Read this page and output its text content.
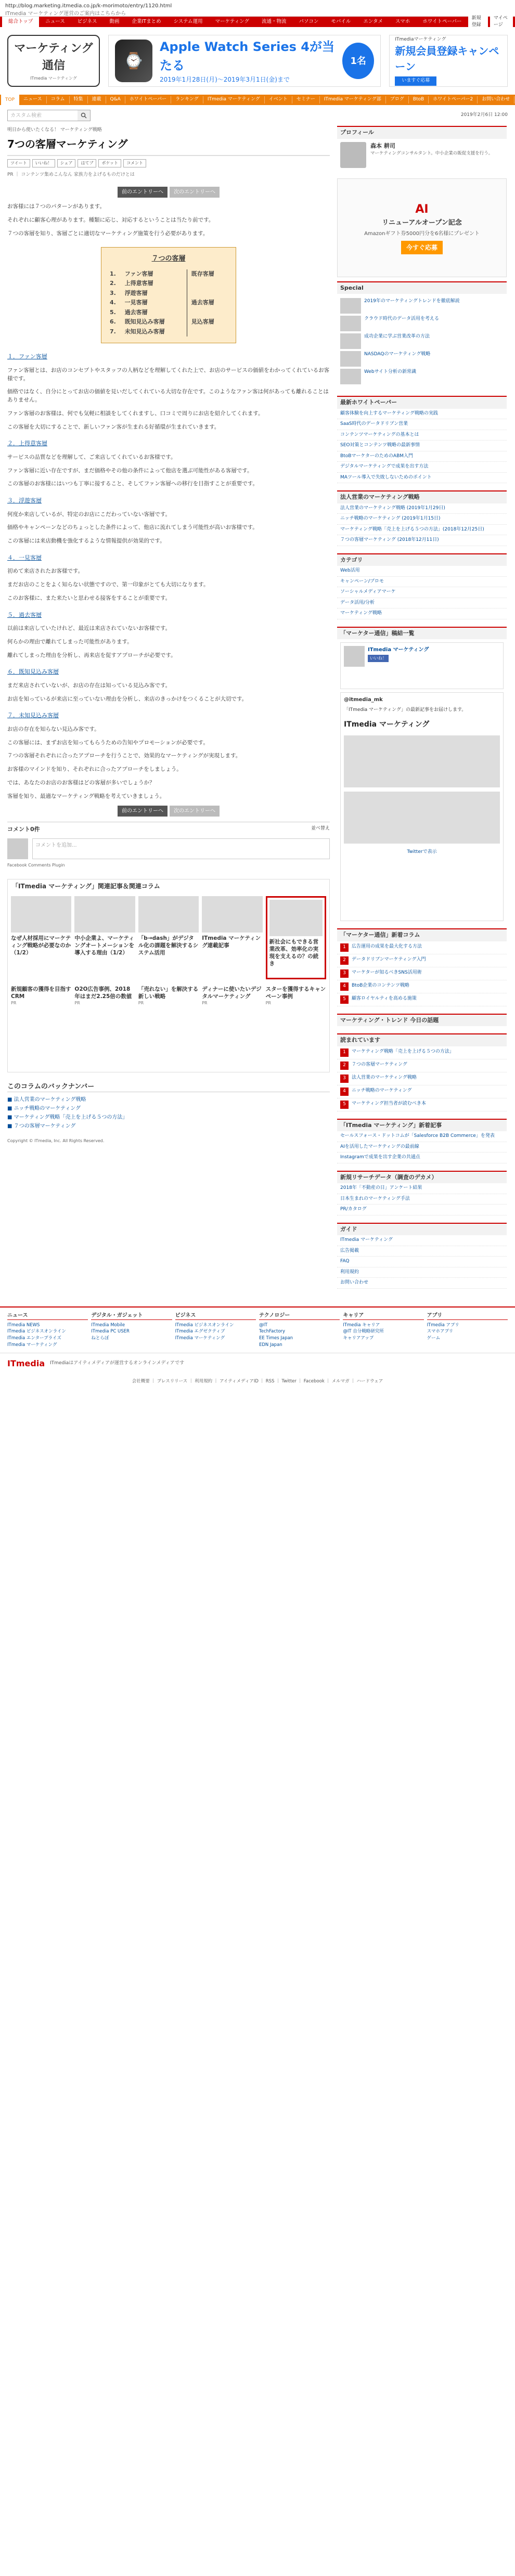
http://blog.marketing.itmedia.co.jp/k-morimoto/entry/1120.html
ITmedia マーケティング運営のご案内はこちらから
総合トップ	ニュース	ビジネス	動画	企業ITまとめ	システム運用	マーケティング	流通・物流	パソコン	モバイル	エンタメ	スマホ	ホワイトペーパー
新規登録
マイページ
マーケティング
通信
ITmedia マーケティング
⌚
Apple Watch Series 4が当たる
2019年1月28日(月)～2019年3月1日(金)まで
1名
ITmediaマーケティング
新規会員登録キャンペーン
いますぐ応募
TOP	ニュース	コラム	特集	連載	Q&A	ホワイトペーパー	ランキング	ITmedia マーケティング	イベント	セミナー	ITmedia マーケティング部	ブログ	BtoB	ホワイトペーパー2	お問い合わせ
カスタム検索	2019年2月6日 12:00
明日から使いたくなる！ マーケティング戦略
7つの客層マーケティング
ツイート	いいね！	シェア	はてブ	ポケット	コメント
PR ｜ コンテンツ集めこんなん 家族力をよげるものだけとは
前のエントリーへ	次のエントリーへ

お客様には７つのパターンがあります。

それぞれに顧客心理があります。種類に応じ、対応するということは当たり前です。

７つの客層を知り、客層ごとに適切なマーケティング施策を行う必要があります。

７つの客層
1.	ファン客層	既存客層
2.	上得意客層	
3.	浮遊客層	
4.	一見客層	過去客層
5.	過去客層	
6.	既知見込み客層	見込客層
7.	未知見込み客層	
１．ファン客層

ファン客層とは、お店のコンセプトやスタッフの人柄などを理解してくれた上で、お店のサービスの価値をわかってくれているお客様です。

価格ではなく、自分にとってお店の価値を見いだしてくれている大切な存在です。このようなファン客は何があっても離れることはありません。

ファン客層のお客様は、何でも気軽に相談をしてくれますし、口コミで周りにお店を紹介してくれます。

この客層を大切にすることで、新しいファン客が生まれる好循環が生まれていきます。

２．上得意客層

サービスの品質などを理解して、ご来店してくれているお客様です。

ファン客層に近い存在ですが、まだ価格やその他の条件によって他店を選ぶ可能性がある客層です。

この客層のお客様にはいつも丁寧に接すること、そしてファン客層への移行を目指すことが重要です。

３．浮遊客層

何度か来店しているが、特定のお店にこだわっていない客層です。

価格やキャンペーンなどのちょっとした条件によって、他店に流れてしまう可能性が高いお客様です。

この客層には来店動機を強化するような情報提供が効果的です。

４．一見客層

初めて来店されたお客様です。

まだお店のことをよく知らない状態ですので、第一印象がとても大切になります。

このお客様に、また来たいと思わせる接客をすることが重要です。

５．過去客層

以前は来店していたけれど、最近は来店されていないお客様です。

何らかの理由で離れてしまった可能性があります。

離れてしまった理由を分析し、再来店を促すアプローチが必要です。

６．既知見込み客層

まだ来店されていないが、お店の存在は知っている見込み客です。

お店を知っているが来店に至っていない理由を分析し、来店のきっかけをつくることが大切です。

７．未知見込み客層

お店の存在を知らない見込み客です。

この客層には、まずお店を知ってもらうための告知やプロモーションが必要です。

７つの客層それぞれに合ったアプローチを行うことで、効果的なマーケティングが実現します。

お客様のマインドを知り、それぞれに合ったアプローチをしましょう。

では、あなたのお店のお客様はどの客層が多いでしょうか？

客層を知り、最適なマーケティング戦略を考えていきましょう。

前のエントリーへ	次のエントリーへ
コメント0件	並べ替え
コメントを追加...
Facebook Comments Plugin
「ITmedia マーケティング」関連記事＆関連コラム
なぜ人材採用にマーケティング戦略が必要なのか（1/2）
中小企業よ、マーケティングオートメーションを導入する理由（1/2）
「b→dash」がデジタル化の課題を解決するシステム活用
ITmedia マーケティング連載記事
新社会にもできる営業改革、効率化の実現を支えるの？の続き
新規顧客の獲得を目指すCRM
PR
O2O広告事例、2018年はまだ2.25倍の数値
PR
「売れない」を解決する新しい戦略
PR
ディナーに使いたいデジタルマーケティング
PR
スターを獲得するキャンペーン事例
PR
このコラムのバックナンバー
■ 法人営業のマーケティング戦略
■ ニッチ戦略のマーケティング
■ マーケティング戦略「売上を上げる５つの方法」
■ ７つの客層マーケティング
Copyright © ITmedia, Inc. All Rights Reserved.
プロフィール
森本 耕司
マーケティングコンサルタント。中小企業の販促支援を行う。
AI
リニューアルオープン記念
Amazonギフト券5000円分を6名様にプレゼント
今すぐ応募
Special
2019年のマーケティングトレンドを徹底解説
クラウド時代のデータ活用を考える
成功企業に学ぶ営業改革の方法
NASDAQのマーケティング戦略
Webサイト分析の新常識
最新ホワイトペーパー
顧客体験を向上するマーケティング戦略の実践
SaaS時代のデータドリブン営業
コンテンツマーケティングの基本とは
SEO対策とコンテンツ戦略の最新事情
BtoBマーケターのためのABM入門
デジタルマーケティングで成果を出す方法
MAツール導入で失敗しないためのポイント
法人営業のマーケティング戦略
法人営業のマーケティング戦略 (2019年1月29日)
ニッチ戦略のマーケティング (2019年1月15日)
マーケティング戦略「売上を上げる５つの方法」(2018年12月25日)
７つの客層マーケティング (2018年12月11日)
カテゴリ
Web活用
キャンペーン/プロモ
ソーシャルメディアマーケ
データ活用/分析
マーケティング戦略
「マーケター通信」稿結一覧
ITmedia マーケティング
いいね！
@itmedia_mk
「ITmedia マーケティング」の最新記事をお届けします。
ITmedia マーケティング
Twitterで表示
「マーケター通信」新着コラム
1	広告運用の成果を最大化する方法
2	データドリブンマーケティング入門
3	マーケターが知るべきSNS活用術
4	BtoB企業のコンテンツ戦略
5	顧客ロイヤルティを高める施策
マーケティング・トレンド 今日の話題
読まれています
1	マーケティング戦略「売上を上げる５つの方法」
2	７つの客層マーケティング
3	法人営業のマーケティング戦略
4	ニッチ戦略のマーケティング
5	マーケティング担当者が読むべき本
「ITmedia マーケティング」新着記事
セールスフォース・ドットコムが「Salesforce B2B Commerce」を発表
AIを活用したマーケティングの最前線
Instagramで成果を出す企業の共通点
新規リサーチデータ（調査のデカメ）
2018年「不動産の日」アンケート結果
日本生まれのマーケティング手法
PR/カタログ
ガイド
ITmedia マーケティング
広告掲載
FAQ
利用規約
お問い合わせ
ニュース
ITmedia NEWS
ITmedia ビジネスオンライン
ITmedia エンタープライズ
ITmedia マーケティング
デジタル・ガジェット
ITmedia Mobile
ITmedia PC USER
ねとらぼ
ビジネス
ITmedia ビジネスオンライン
ITmedia エグゼクティブ
ITmedia マーケティング
テクノロジー
@IT
TechFactory
EE Times Japan
EDN Japan
キャリア
ITmedia キャリア
@IT 自分戦略研究所
キャリアアップ
アプリ
ITmedia アプリ
スマホアプリ
ゲーム
ITmedia ITmediaはアイティメディアが運営するオンラインメディアです
会社概要 ｜ プレスリリース ｜ 利用規約 ｜ アイティメディアID ｜ RSS ｜ Twitter ｜ Facebook ｜ メルマガ ｜ ハードウェア
